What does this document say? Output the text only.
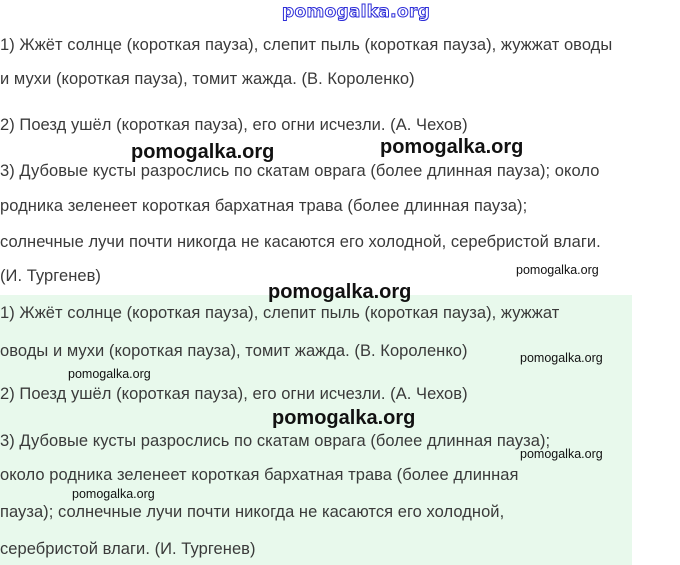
pomogalka.org
1) Жжёт солнце (короткая пауза), слепит пыль (короткая пауза), жужжат оводы
и мухи (короткая пауза), томит жажда. (В. Короленко)
2) Поезд ушёл (короткая пауза), его огни исчезли. (А. Чехов)
3) Дубовые кусты разрослись по скатам оврага (более длинная пауза); около
родника зеленеет короткая бархатная трава (более длинная пауза);
солнечные лучи почти никогда не касаются его холодной, серебристой влаги.
(И. Тургенев)
1) Жжёт солнце (короткая пауза), слепит пыль (короткая пауза), жужжат
оводы и мухи (короткая пауза), томит жажда. (В. Короленко)
2) Поезд ушёл (короткая пауза), его огни исчезли. (А. Чехов)
3) Дубовые кусты разрослись по скатам оврага (более длинная пауза);
около родника зеленеет короткая бархатная трава (более длинная
пауза); солнечные лучи почти никогда не касаются его холодной,
серебристой влаги. (И. Тургенев)
pomogalka.org	pomogalka.org
pomogalka.org
pomogalka.org
pomogalka.org
pomogalka.org
pomogalka.org
pomogalka.org
pomogalka.org
